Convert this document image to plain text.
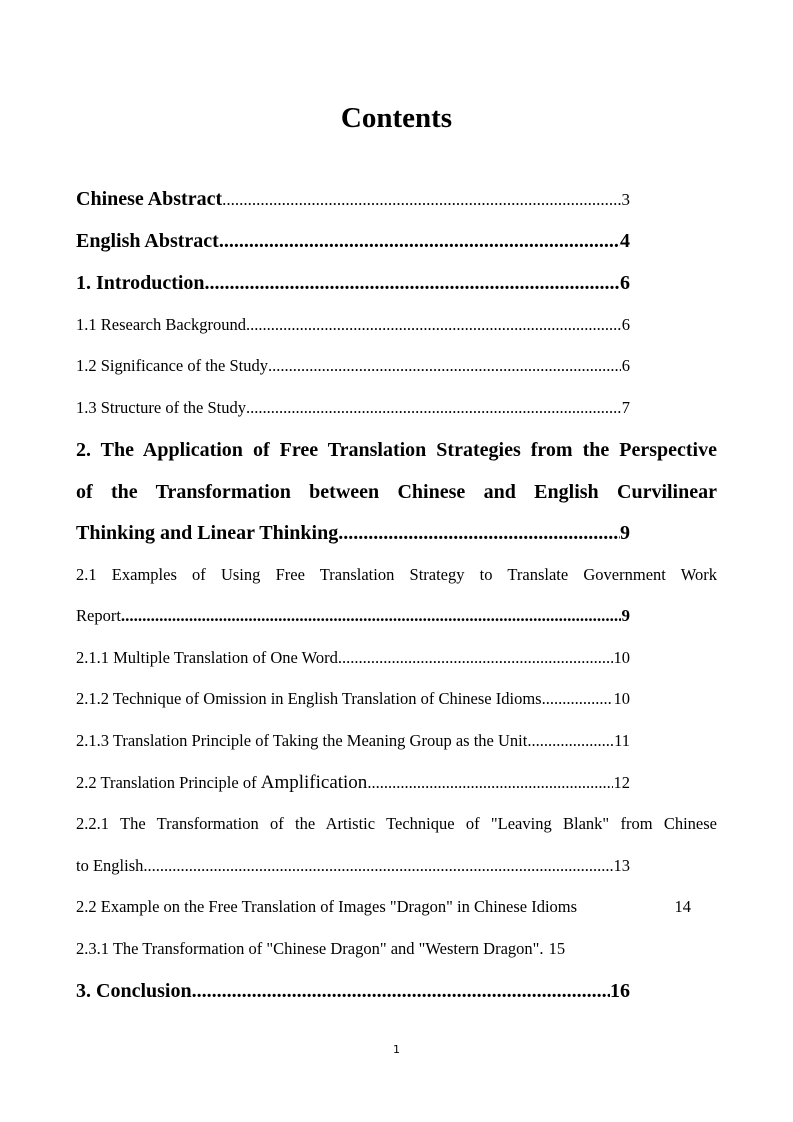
Contents
Chinese Abstract .....	3
English Abstract .....	4
1. Introduction .....	6
1.1 Research Background .....	6
1.2 Significance of the Study .....	6
1.3 Structure of the Study .....	7
2. The Application of Free Translation Strategies from the Perspective
of the Transformation between Chinese and English Curvilinear
Thinking and Linear Thinking .....	9
2.1 Examples of Using Free Translation Strategy to Translate Government Work
Report .....	9
2.1.1 Multiple Translation of One Word .....	10
2.1.2 Technique of Omission in English Translation of Chinese Idioms .....	10
2.1.3 Translation Principle of Taking the Meaning Group as the Unit .....	11
2.2 Translation Principle of Amplification .....	12
2.2.1 The Transformation of the Artistic Technique of "Leaving Blank" from Chinese
to English .....	13
2.2 Example on the Free Translation of Images "Dragon" in Chinese Idioms	14
2.3.1 The Transformation of "Chinese Dragon" and "Western Dragon". 15
3. Conclusion .....	16
1
